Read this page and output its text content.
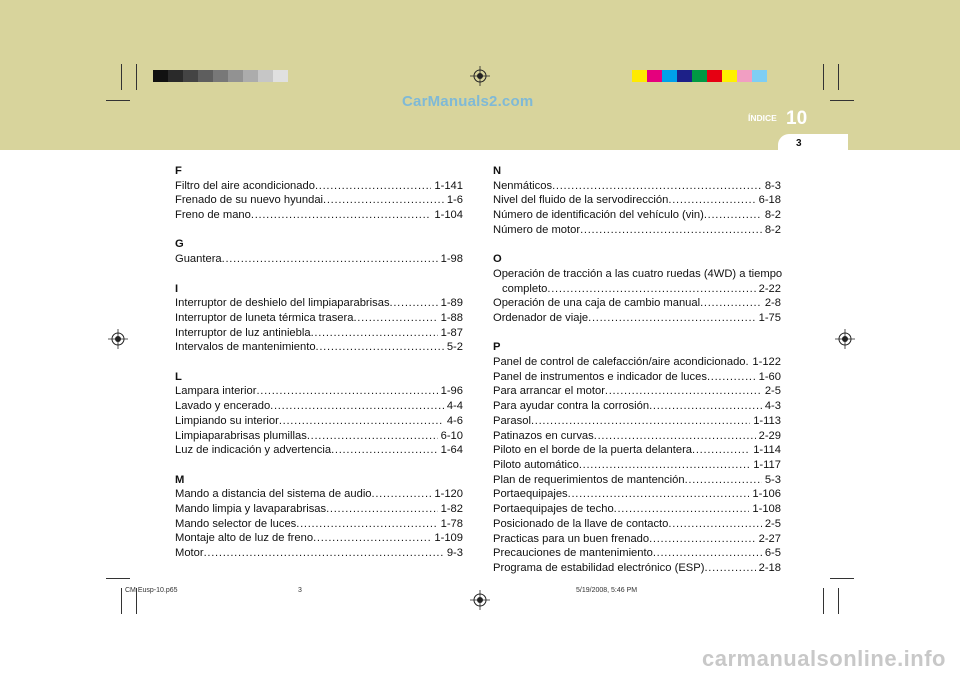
CarManuals2.com
ÍNDICE 10
3
F
Filtro del aire acondicionado . . .	1-141
Frenado de su nuevo hyundai . . .	1-6
Freno de mano . . .	1-104
G
Guantera . . .	1-98
I
Interruptor de deshielo del limpiaparabrisas . . .	1-89
Interruptor de luneta térmica trasera . . .	1-88
Interruptor de luz antiniebla . . .	1-87
Intervalos de mantenimiento . . .	5-2
L
Lampara interior . . .	1-96
Lavado y encerado . . .	4-4
Limpiando su interior . . .	4-6
Limpiaparabrisas plumillas . . .	6-10
Luz de indicación y advertencia . . .	1-64
M
Mando a distancia del sistema de audio . . .	1-120
Mando limpia y lavaparabrisas . . .	1-82
Mando selector de luces . . .	1-78
Montaje alto de luz de freno . . .	1-109
Motor . . .	9-3
N
Nenmáticos . . .	8-3
Nivel del fluido de la servodirección . . .	6-18
Número de identificación del vehículo (vin) . . .	8-2
Número de motor . . .	8-2
O
Operación de tracción a las cuatro ruedas (4WD) a tiempo
completo . . .	2-22
Operación de una caja de cambio manual . . .	2-8
Ordenador de viaje . . .	1-75
P
Panel de control de calefacción/aire acondicionado . . . 1-122
Panel de instrumentos e indicador de luces . . .	1-60
Para arrancar el motor . . .	2-5
Para ayudar contra la corrosión . . .	4-3
Parasol . . .	1-113
Patinazos en curvas . . .	2-29
Piloto en el borde de la puerta delantera . . .	1-114
Piloto automático . . .	1-117
Plan de requerimientos de mantención . . .	5-3
Portaequipajes . . .	1-106
Portaequipajes de techo . . .	1-108
Posicionado de la llave de contacto . . .	2-5
Practicas para un buen frenado . . .	2-27
Precauciones de mantenimiento . . .	6-5
Programa de estabilidad electrónico (ESP) . . .	2-18
CM Eusp-10.p65	3	5/19/2008, 5:46 PM
carmanualsonline.info
